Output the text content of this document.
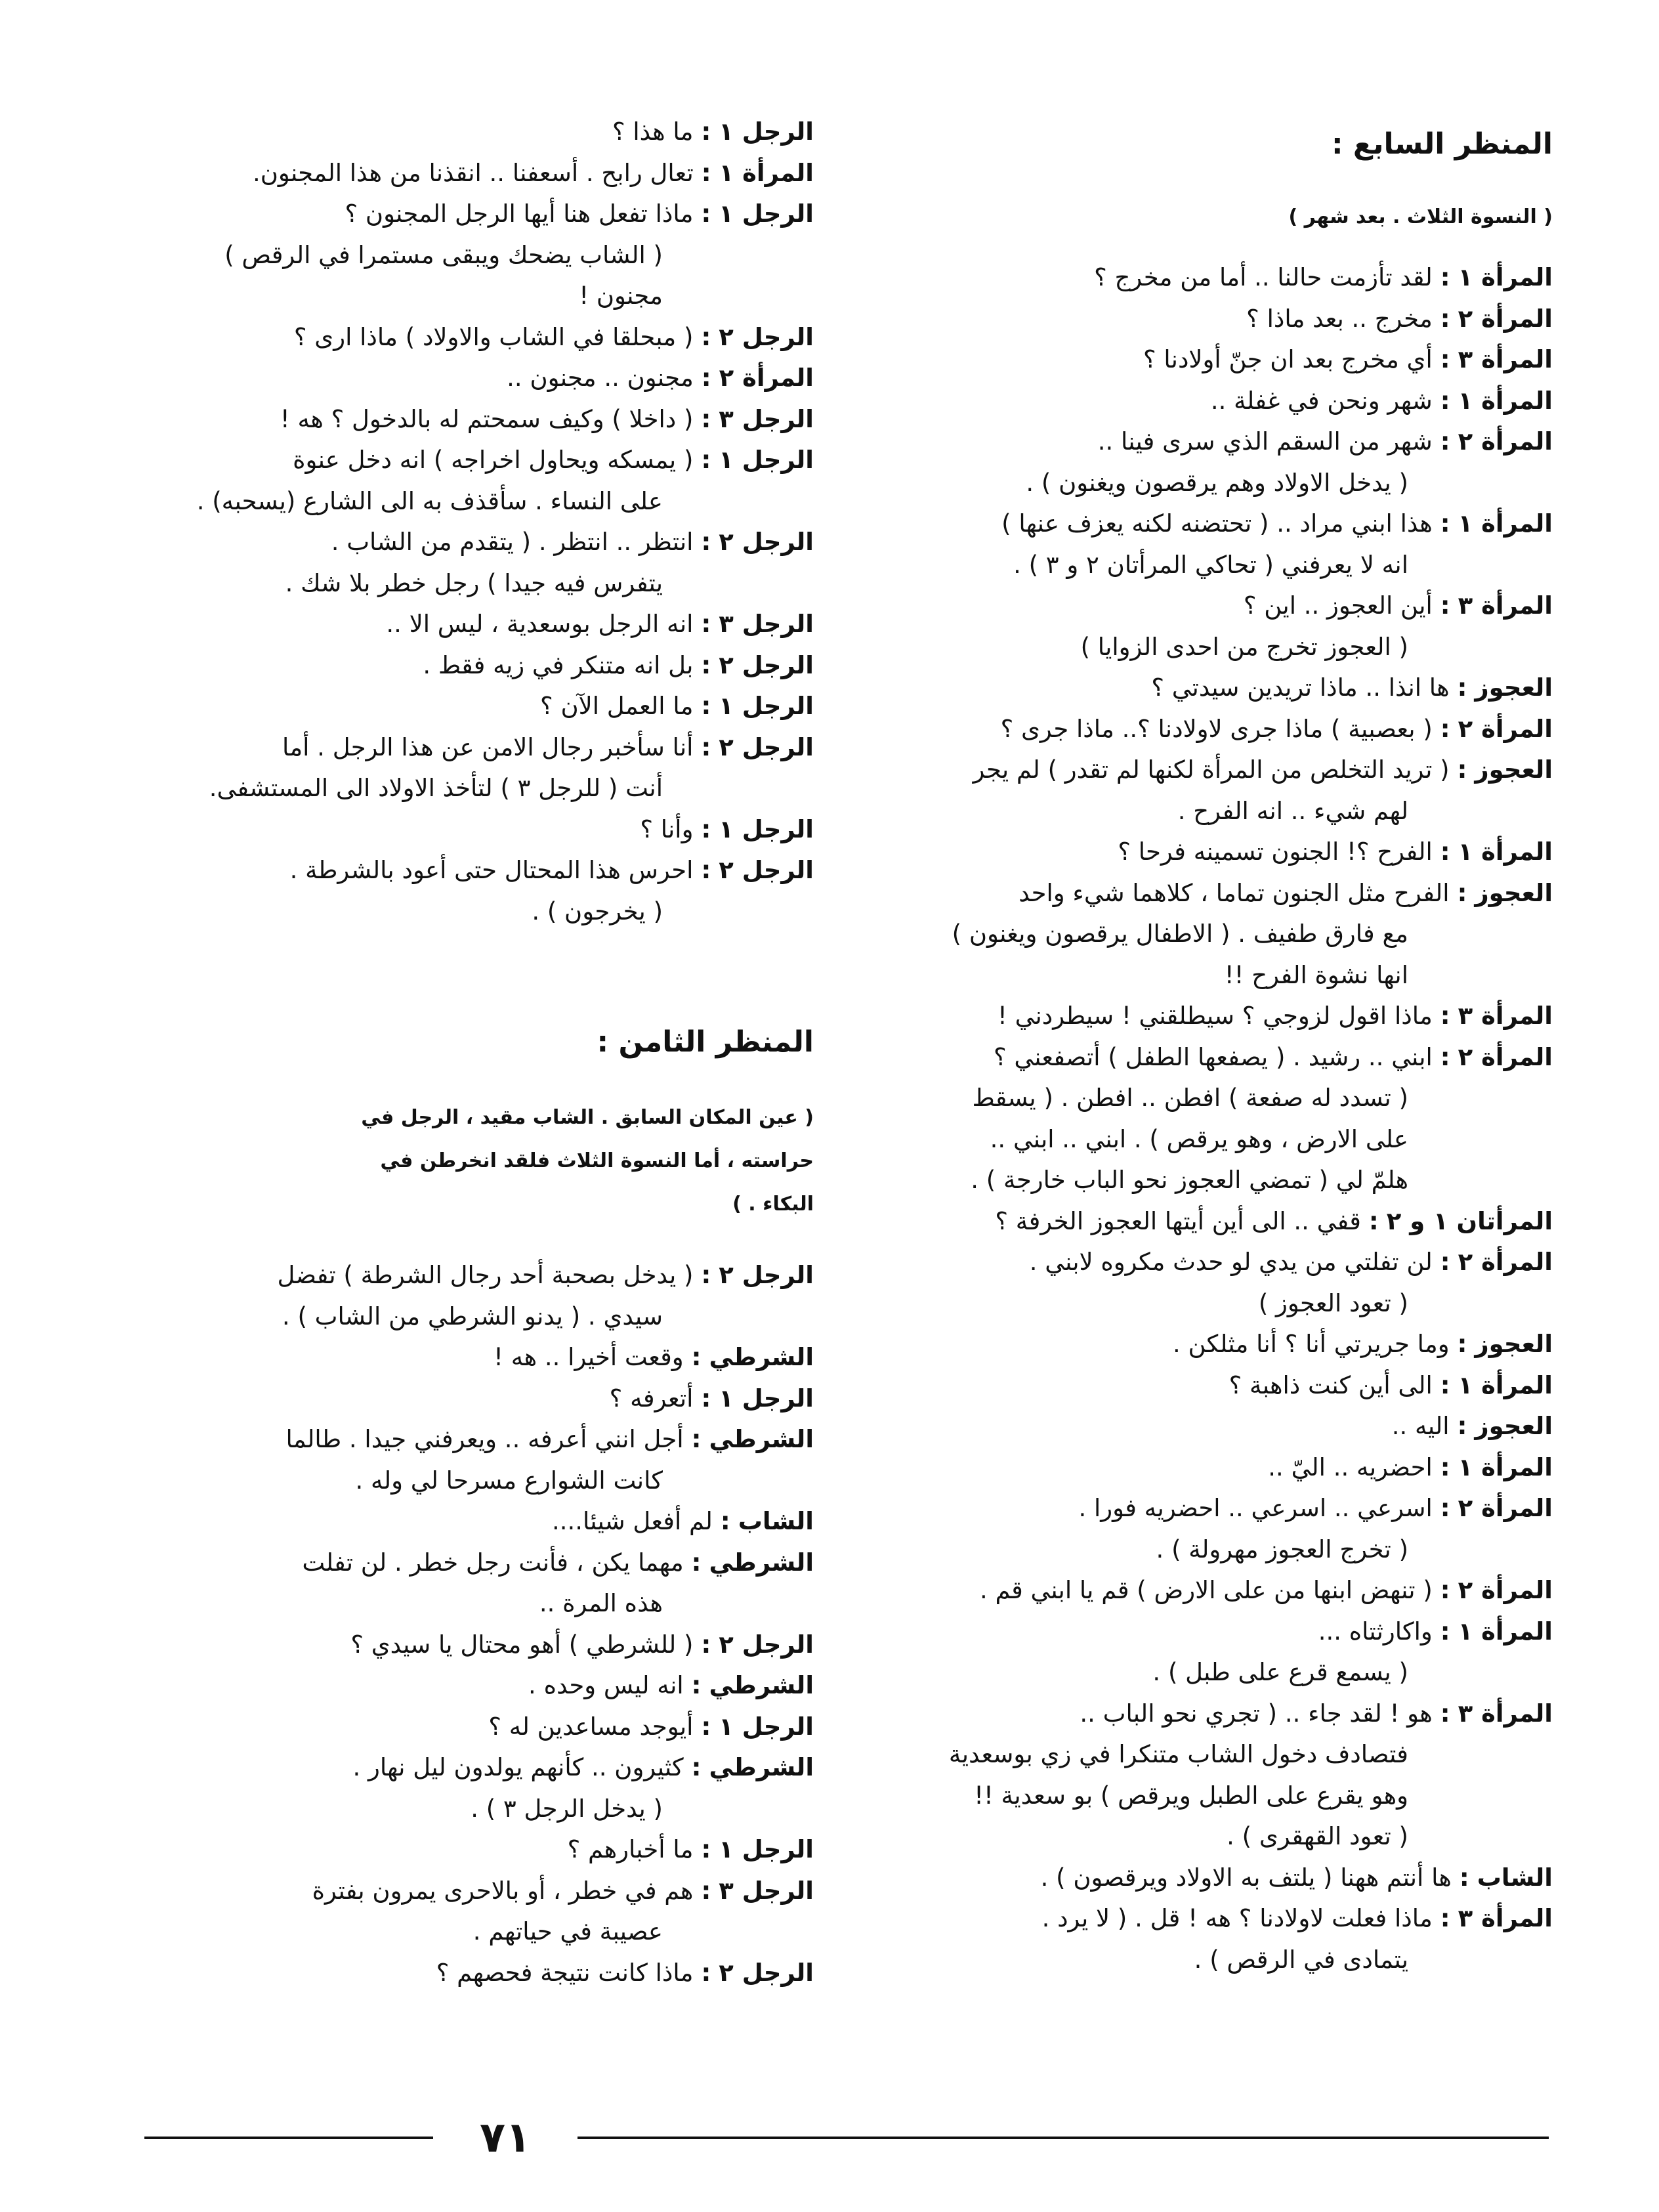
المنظر السابع :
( النسوة الثلاث . بعد شهر )
المرأة ١
:
لقد تأزمت حالنا .. أما من مخرج ؟
المرأة ٢
:
مخرج .. بعد ماذا ؟
المرأة ٣
:
أي مخرج بعد ان جنّ أولادنا ؟
المرأة ١
:
شهر ونحن في غفلة ..
المرأة ٢
:
شهر من السقم الذي سرى فينا ..
( يدخل الاولاد وهم يرقصون ويغنون ) .
المرأة ١
:
هذا ابني مراد .. ( تحتضنه لكنه يعزف عنها )
انه لا يعرفني ( تحاكي المرأتان ٢ و ٣ ) .
المرأة ٣
:
أين العجوز .. اين ؟
( العجوز تخرج من احدى الزوايا )
العجوز
:
ها انذا .. ماذا تريدين سيدتي ؟
المرأة ٢
:
( بعصبية ) ماذا جرى لاولادنا ؟.. ماذا جرى ؟
العجوز
:
( تريد التخلص من المرأة لكنها لم تقدر ) لم يجر
لهم شيء .. انه الفرح .
المرأة ١
:
الفرح ؟! الجنون تسمينه فرحا ؟
العجوز
:
الفرح مثل الجنون تماما ، كلاهما شيء واحد
مع فارق طفيف . ( الاطفال يرقصون ويغنون )
انها نشوة الفرح !!
المرأة ٣
:
ماذا اقول لزوجي ؟ سيطلقني ! سيطردني !
المرأة ٢
:
ابني .. رشيد . ( يصفعها الطفل ) أتصفعني ؟
( تسدد له صفعة ) افطن .. افطن . ( يسقط
على الارض ، وهو يرقص ) . ابني .. ابني ..
هلمّ لي ( تمضي العجوز نحو الباب خارجة ) .
المرأتان ١ و ٢
:
قفي .. الى أين أيتها العجوز الخرفة ؟
المرأة ٢
:
لن تفلتي من يدي لو حدث مكروه لابني .
( تعود العجوز )
العجوز
:
وما جريرتي أنا ؟ أنا مثلكن .
المرأة ١
:
الى أين كنت ذاهبة ؟
العجوز
:
اليه ..
المرأة ١
:
احضريه .. اليّ ..
المرأة ٢
:
اسرعي .. اسرعي .. احضريه فورا .
( تخرج العجوز مهرولة ) .
المرأة ٢
:
( تنهض ابنها من على الارض ) قم يا ابني قم .
المرأة ١
:
واكارثتاه ...
( يسمع قرع على طبل ) .
المرأة ٣
:
هو ! لقد جاء .. ( تجري نحو الباب ..
فتصادف دخول الشاب متنكرا في زي بوسعدية
وهو يقرع على الطبل ويرقص ) بو سعدية !!
( تعود القهقرى ) .
الشاب
:
ها أنتم ههنا ( يلتف به الاولاد ويرقصون ) .
المرأة ٣
:
ماذا فعلت لاولادنا ؟ هه ! قل . ( لا يرد .
يتمادى في الرقص ) .
الرجل ١
:
ما هذا ؟
المرأة ١
:
تعال رابح . أسعفنا .. انقذنا من هذا المجنون.
الرجل ١
:
ماذا تفعل هنا أيها الرجل المجنون ؟
( الشاب يضحك ويبقى مستمرا في الرقص )
مجنون !
الرجل ٢
:
( مبحلقا في الشاب والاولاد ) ماذا ارى ؟
المرأة ٢
:
مجنون .. مجنون ..
الرجل ٣
:
( داخلا ) وكيف سمحتم له بالدخول ؟ هه !
الرجل ١
:
( يمسكه ويحاول اخراجه ) انه دخل عنوة
على النساء . سأقذف به الى الشارع (يسحبه) .
الرجل ٢
:
انتظر .. انتظر . ( يتقدم من الشاب .
يتفرس فيه جيدا ) رجل خطر بلا شك .
الرجل ٣
:
انه الرجل بوسعدية ، ليس الا ..
الرجل ٢
:
بل انه متنكر في زيه فقط .
الرجل ١
:
ما العمل الآن ؟
الرجل ٢
:
أنا سأخبر رجال الامن عن هذا الرجل . أما
أنت ( للرجل ٣ ) لتأخذ الاولاد الى المستشفى.
الرجل ١
:
وأنا ؟
الرجل ٢
:
احرس هذا المحتال حتى أعود بالشرطة .
( يخرجون ) .
المنظر الثامن :
( عين المكان السابق . الشاب مقيد ، الرجل في
حراسته ، أما النسوة الثلاث فلقد انخرطن في
البكاء . )
الرجل ٢
:
( يدخل بصحبة أحد رجال الشرطة ) تفضل
سيدي . ( يدنو الشرطي من الشاب ) .
الشرطي
:
وقعت أخيرا .. هه !
الرجل ١
:
أتعرفه ؟
الشرطي
:
أجل انني أعرفه .. ويعرفني جيدا . طالما
كانت الشوارع مسرحا لي وله .
الشاب
:
لم أفعل شيئا....
الشرطي
:
مهما يكن ، فأنت رجل خطر . لن تفلت
هذه المرة ..
الرجل ٢
:
( للشرطي ) أهو محتال يا سيدي ؟
الشرطي
:
انه ليس وحده .
الرجل ١
:
أيوجد مساعدين له ؟
الشرطي
:
كثيرون .. كأنهم يولدون ليل نهار .
( يدخل الرجل ٣ ) .
الرجل ١
:
ما أخبارهم ؟
الرجل ٣
:
هم في خطر ، أو بالاحرى يمرون بفترة
عصيبة في حياتهم .
الرجل ٢
:
ماذا كانت نتيجة فحصهم ؟
٧١
